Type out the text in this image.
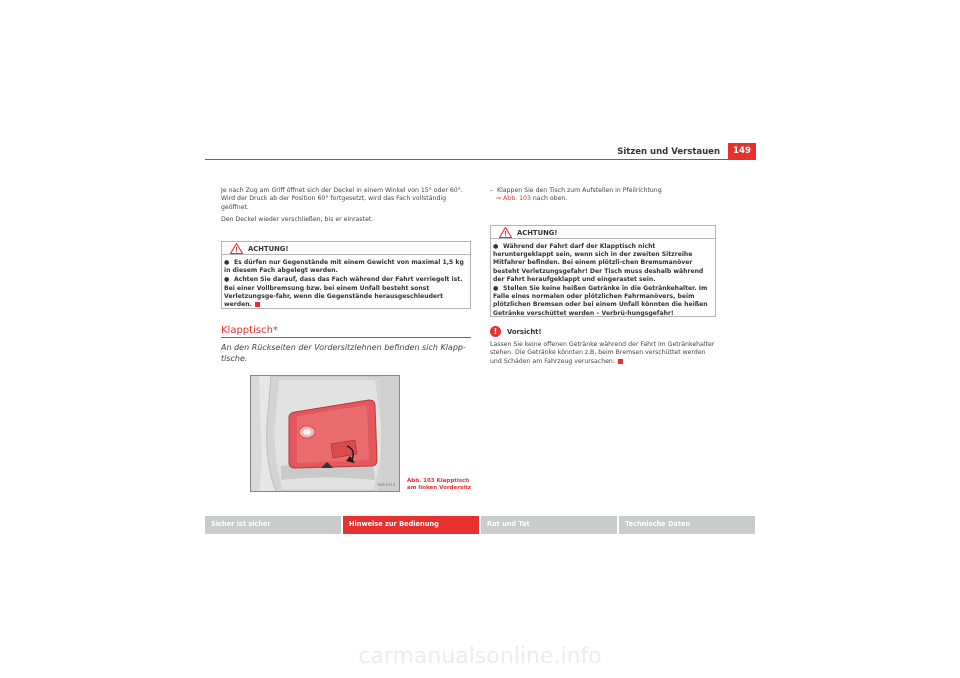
Sitzen und Verstauen	149

Je nach Zug am Griff öffnet sich der Deckel in einem Winkel von 15° oder 60°. Wird der Druck ab der Position 60° fortgesetzt, wird das Fach vollständig geöffnet.

Den Deckel wieder verschließen, bis er einrastet.

ACHTUNG!

● Es dürfen nur Gegenstände mit einem Gewicht von maximal 1,5 kg in diesem Fach abgelegt werden.

● Achten Sie darauf, dass das Fach während der Fahrt verriegelt ist. Bei einer Vollbremsung bzw. bei einem Unfall besteht sonst Verletzungsge-fahr, wenn die Gegenstände herausgeschleudert werden.

Klapptisch*
An den Rückseiten der Vordersitzlehnen befinden sich Klapp-tische.
B5P-0313
Abb. 103 Klapptisch am linken Vordersitz

– Klappen Sie den Tisch zum Aufstellen in Pfeilrichtung
⇒ Abb. 103 nach oben.

ACHTUNG!

● Während der Fahrt darf der Klapptisch nicht heruntergeklappt sein, wenn sich in der zweiten Sitzreihe Mitfahrer befinden. Bei einem plötzli-chen Bremsmanöver besteht Verletzungsgefahr! Der Tisch muss deshalb während der Fahrt heraufgeklappt und eingerastet sein.

● Stellen Sie keine heißen Getränke in die Getränkehalter. Im Falle eines normalen oder plötzlichen Fahrmanövers, beim plötzlichen Bremsen oder bei einem Unfall könnten die heißen Getränke verschüttet werden – Verbrü-hungsgefahr!

!	Vorsicht!
Lassen Sie keine offenen Getränke während der Fahrt im Getränkehalter stehen. Die Getränke könnten z.B. beim Bremsen verschüttet werden und Schäden am Fahrzeug verursachen.
Sicher ist sicher	Hinweise zur Bedienung	Rat und Tat	Technische Daten
carmanualsonline.info
